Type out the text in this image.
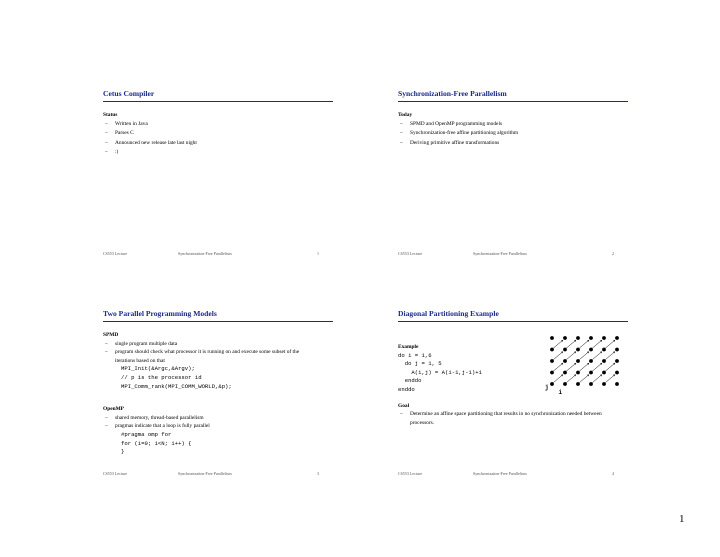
Cetus Compiler
Status
– Written in Java
– Parses C
– Announced new release late last night
– :)
CS553 Lecture	Synchronization-Free Parallelism	1
Synchronization-Free Parallelism
Today
– SPMD and OpenMP programming models
– Synchronization-free affine partitioning algorithm
– Deriving primitive affine transformations
CS553 Lecture	Synchronization-Free Parallelism	2
Two Parallel Programming Models
SPMD
– single program multiple data
– program should check what processor it is running on and execute some subset of the iterations based on that
MPI_Init(&Argc,&Argv);
// p is the processor id
MPI_Comm_rank(MPI_COMM_WORLD,&p);
OpenMP
– shared memory, thread-based parallelism
– pragmas indicate that a loop is fully parallel
#pragma omp for
for (i=0; i<N; i++) {
}
CS553 Lecture	Synchronization-Free Parallelism	3
Diagonal Partitioning Example
Example
do i = 1,6
do j = 1, 5
A(i,j) = A(i-1,j-1)+1
enddo
enddo
Goal
– Determine an affine space partitioning that results in no synchronization needed between processors.
j
i
CS553 Lecture	Synchronization-Free Parallelism	4
1
